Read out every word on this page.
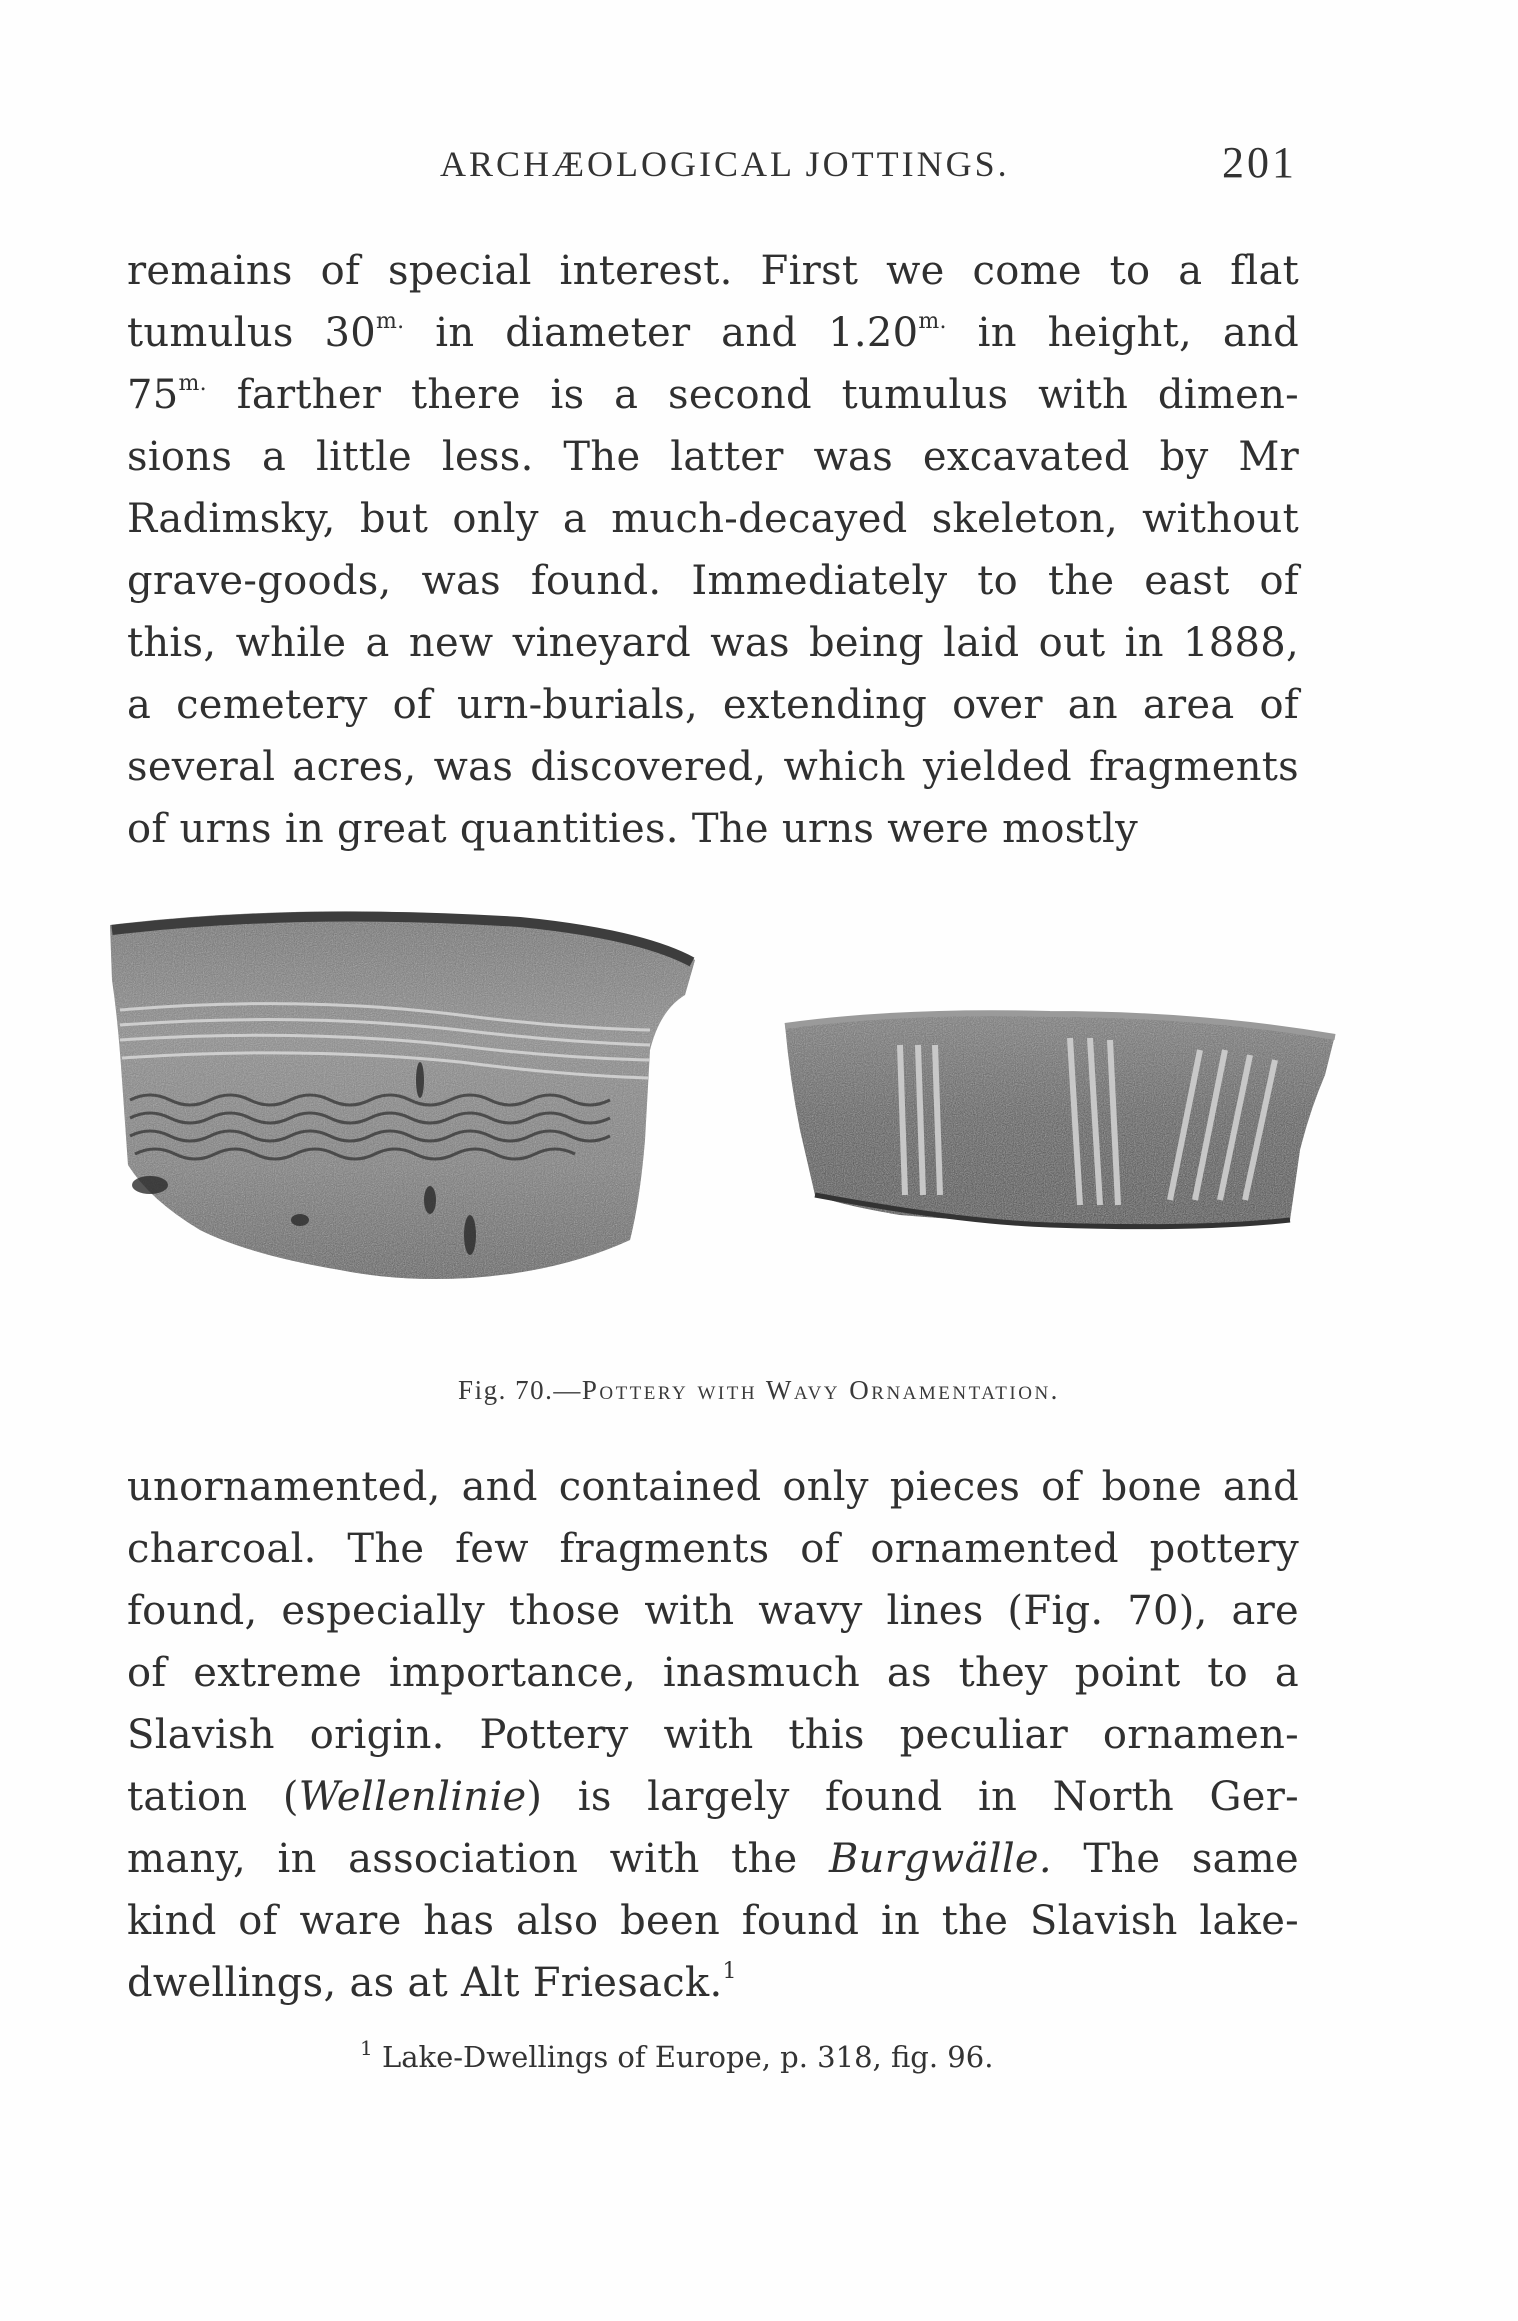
ARCHÆOLOGICAL JOTTINGS.	201
remains of special interest. First we come to a flat
tumulus $30^{m.}$ in diameter and $1.20^{m.}$ in height, and
$75^{m.}$ farther there is a second tumulus with dimen-
sions a little less. The latter was excavated by Mr
Radimsky, but only a much-decayed skeleton, without
grave-goods, was found. Immediately to the east of
this, while a new vineyard was being laid out in 1888,
a cemetery of urn-burials, extending over an area of
several acres, was discovered, which yielded fragments
of urns in great quantities. The urns were mostly
Fig. 70.—Pottery with Wavy Ornamentation.
unornamented, and contained only pieces of bone and
charcoal. The few fragments of ornamented pottery
found, especially those with wavy lines (Fig. 70), are
of extreme importance, inasmuch as they point to a
Slavish origin. Pottery with this peculiar ornamen-
tation (Wellenlinie) is largely found in North Ger-
many, in association with the Burgwälle. The same
kind of ware has also been found in the Slavish lake-
dwellings, as at Alt Friesack.$^1$
$^1$ Lake-Dwellings of Europe, p. 318, fig. 96.
